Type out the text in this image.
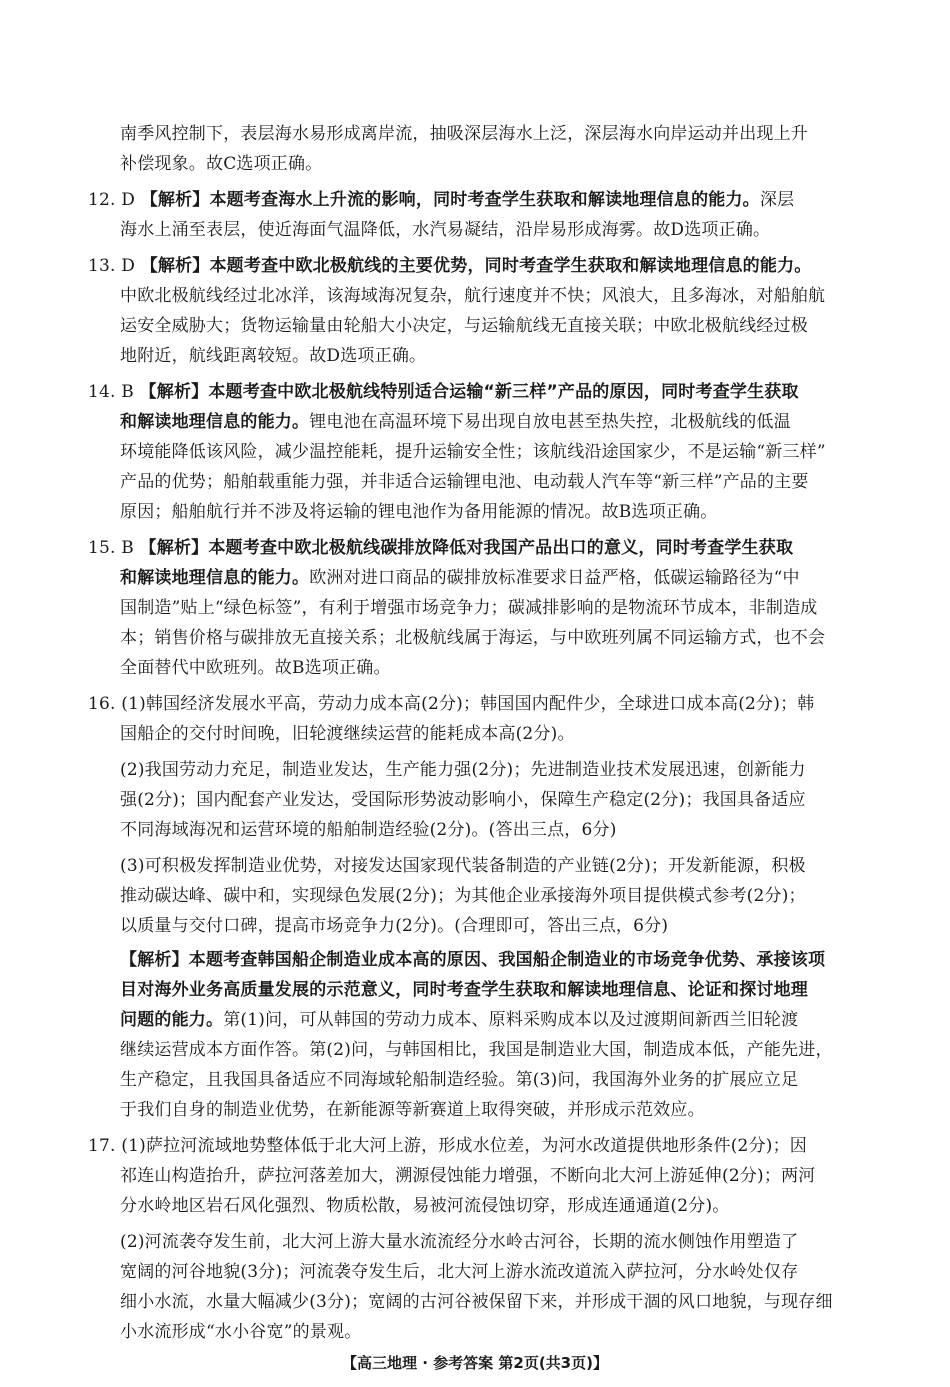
南季风控制下，表层海水易形成离岸流，抽吸深层海水上泛，深层海水向岸运动并出现上升
补偿现象。故C选项正确。
12. D 【解析】本题考查海水上升流的影响，同时考查学生获取和解读地理信息的能力。深层
海水上涌至表层，使近海面气温降低，水汽易凝结，沿岸易形成海雾。故D选项正确。
13. D 【解析】本题考查中欧北极航线的主要优势，同时考查学生获取和解读地理信息的能力。
中欧北极航线经过北冰洋，该海域海况复杂，航行速度并不快；风浪大，且多海冰，对船舶航
运安全威胁大；货物运输量由轮船大小决定，与运输航线无直接关联；中欧北极航线经过极
地附近，航线距离较短。故D选项正确。
14. B 【解析】本题考查中欧北极航线特别适合运输“新三样”产品的原因，同时考查学生获取
和解读地理信息的能力。锂电池在高温环境下易出现自放电甚至热失控，北极航线的低温
环境能降低该风险，减少温控能耗，提升运输安全性；该航线沿途国家少，不是运输“新三样”
产品的优势；船舶载重能力强，并非适合运输锂电池、电动载人汽车等“新三样”产品的主要
原因；船舶航行并不涉及将运输的锂电池作为备用能源的情况。故B选项正确。
15. B 【解析】本题考查中欧北极航线碳排放降低对我国产品出口的意义，同时考查学生获取
和解读地理信息的能力。欧洲对进口商品的碳排放标准要求日益严格，低碳运输路径为“中
国制造”贴上“绿色标签”，有利于增强市场竞争力；碳减排影响的是物流环节成本，非制造成
本；销售价格与碳排放无直接关系；北极航线属于海运，与中欧班列属不同运输方式，也不会
全面替代中欧班列。故B选项正确。
16. (1)韩国经济发展水平高，劳动力成本高(2分)；韩国国内配件少，全球进口成本高(2分)；韩
国船企的交付时间晚，旧轮渡继续运营的能耗成本高(2分)。
(2)我国劳动力充足，制造业发达，生产能力强(2分)；先进制造业技术发展迅速，创新能力
强(2分)；国内配套产业发达，受国际形势波动影响小，保障生产稳定(2分)；我国具备适应
不同海域海况和运营环境的船舶制造经验(2分)。(答出三点，6分)
(3)可积极发挥制造业优势，对接发达国家现代装备制造的产业链(2分)；开发新能源，积极
推动碳达峰、碳中和，实现绿色发展(2分)；为其他企业承接海外项目提供模式参考(2分)；
以质量与交付口碑，提高市场竞争力(2分)。(合理即可，答出三点，6分)
【解析】本题考查韩国船企制造业成本高的原因、我国船企制造业的市场竞争优势、承接该项
目对海外业务高质量发展的示范意义，同时考查学生获取和解读地理信息、论证和探讨地理
问题的能力。第(1)问，可从韩国的劳动力成本、原料采购成本以及过渡期间新西兰旧轮渡
继续运营成本方面作答。第(2)问，与韩国相比，我国是制造业大国，制造成本低，产能先进，
生产稳定，且我国具备适应不同海域轮船制造经验。第(3)问，我国海外业务的扩展应立足
于我们自身的制造业优势，在新能源等新赛道上取得突破，并形成示范效应。
17. (1)萨拉河流域地势整体低于北大河上游，形成水位差，为河水改道提供地形条件(2分)；因
祁连山构造抬升，萨拉河落差加大，溯源侵蚀能力增强，不断向北大河上游延伸(2分)；两河
分水岭地区岩石风化强烈、物质松散，易被河流侵蚀切穿，形成连通通道(2分)。
(2)河流袭夺发生前，北大河上游大量水流流经分水岭古河谷，长期的流水侧蚀作用塑造了
宽阔的河谷地貌(3分)；河流袭夺发生后，北大河上游水流改道流入萨拉河，分水岭处仅存
细小水流，水量大幅减少(3分)；宽阔的古河谷被保留下来，并形成干涸的风口地貌，与现存细
小水流形成“水小谷宽”的景观。
【高三地理 · 参考答案 第2页(共3页)】
